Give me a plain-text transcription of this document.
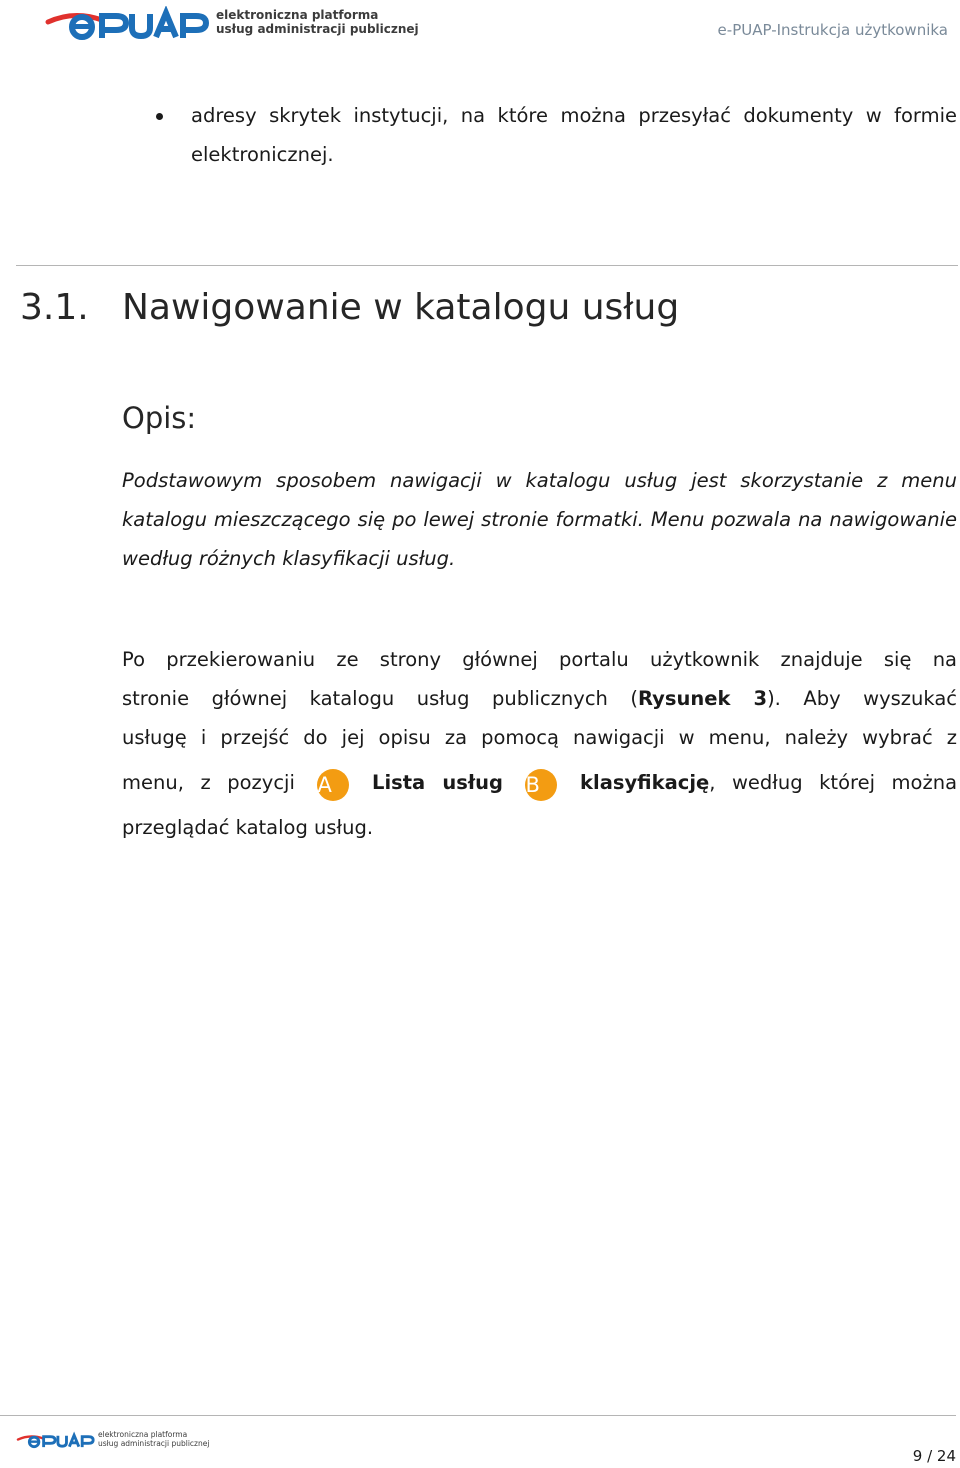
elektroniczna platforma
usług administracji publicznej	e-PUAP-Instrukcja użytkownika
adresy skrytek instytucji, na które można przesyłać dokumenty w formie elektronicznej.
3.1. Nawigowanie w katalogu usług
Opis:
Podstawowym sposobem nawigacji w katalogu usług jest skorzystanie z menu katalogu mieszczącego się po lewej stronie formatki. Menu pozwala na nawigowanie według różnych klasyfikacji usług.
Po przekierowaniu ze strony głównej portalu użytkownik znajduje się na
stronie głównej katalogu usług publicznych (Rysunek 3). Aby wyszukać
usługę i przejść do jej opisu za pomocą nawigacji w menu, należy wybrać z
menu, z pozycji A Lista usług B klasyfikację, według której można
przeglądać katalog usług.
elektroniczna platforma
usług administracji publicznej
9 / 24
